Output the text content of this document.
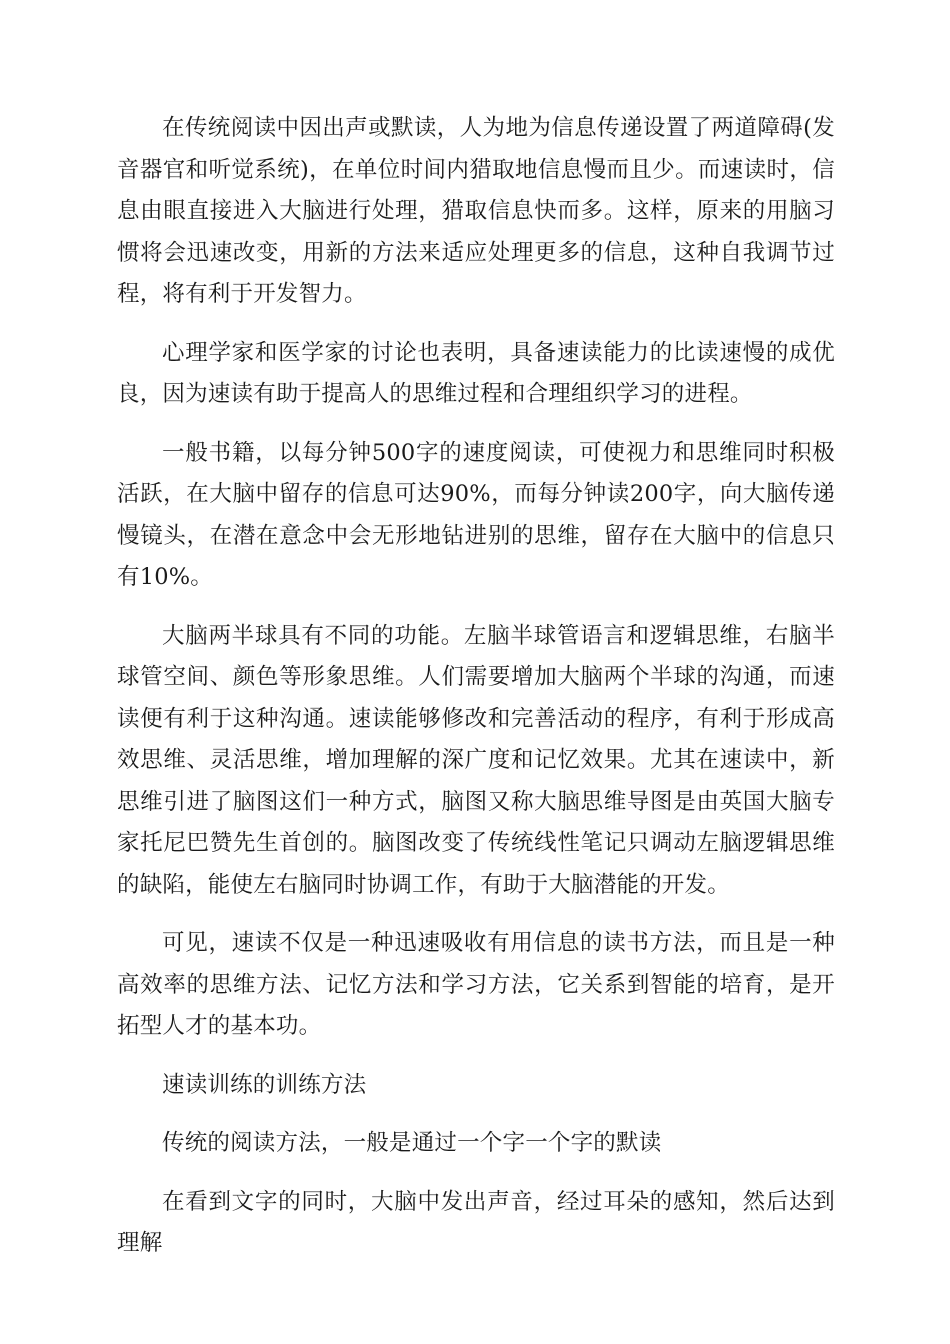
在传统阅读中因出声或默读，人为地为信息传递设置了两道障碍(发音器官和听觉系统)，在单位时间内猎取地信息慢而且少。而速读时，信息由眼直接进入大脑进行处理，猎取信息快而多。这样，原来的用脑习惯将会迅速改变，用新的方法来适应处理更多的信息，这种自我调节过程，将有利于开发智力。

心理学家和医学家的讨论也表明，具备速读能力的比读速慢的成优良，因为速读有助于提高人的思维过程和合理组织学习的进程。

一般书籍，以每分钟500字的速度阅读，可使视力和思维同时积极活跃，在大脑中留存的信息可达90%，而每分钟读200字，向大脑传递慢镜头，在潜在意念中会无形地钻进别的思维，留存在大脑中的信息只有10%。

大脑两半球具有不同的功能。左脑半球管语言和逻辑思维，右脑半球管空间、颜色等形象思维。人们需要增加大脑两个半球的沟通，而速读便有利于这种沟通。速读能够修改和完善活动的程序，有利于形成高效思维、灵活思维，增加理解的深广度和记忆效果。尤其在速读中，新思维引进了脑图这们一种方式，脑图又称大脑思维导图是由英国大脑专家托尼巴赞先生首创的。脑图改变了传统线性笔记只调动左脑逻辑思维的缺陷，能使左右脑同时协调工作，有助于大脑潜能的开发。

可见，速读不仅是一种迅速吸收有用信息的读书方法，而且是一种高效率的思维方法、记忆方法和学习方法，它关系到智能的培育，是开拓型人才的基本功。

速读训练的训练方法

传统的阅读方法，一般是通过一个字一个字的默读

在看到文字的同时，大脑中发出声音，经过耳朵的感知，然后达到理解
